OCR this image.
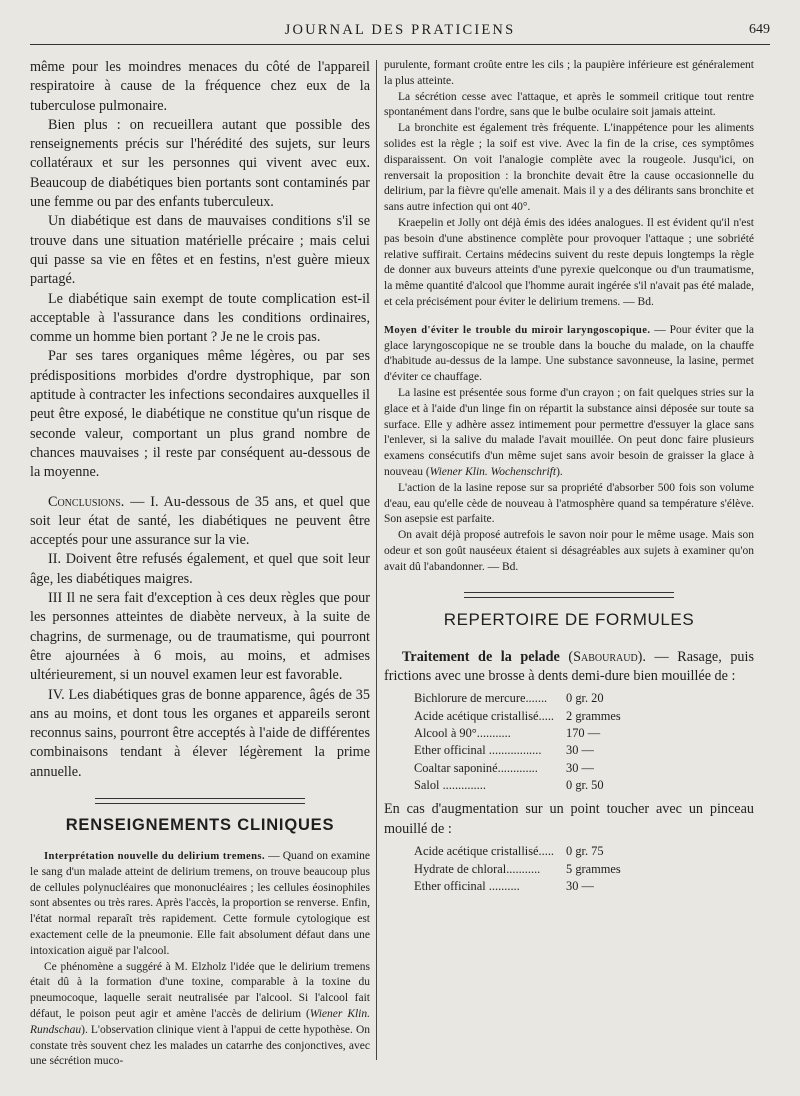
JOURNAL DES PRATICIENS	649

même pour les moindres menaces du côté de l'appareil respiratoire à cause de la fréquence chez eux de la tuberculose pulmonaire.

Bien plus : on recueillera autant que possible des renseignements précis sur l'hérédité des sujets, sur leurs collatéraux et sur les personnes qui vivent avec eux. Beaucoup de diabétiques bien portants sont contaminés par une femme ou par des enfants tuberculeux.

Un diabétique est dans de mauvaises conditions s'il se trouve dans une situation matérielle précaire ; mais celui qui passe sa vie en fêtes et en festins, n'est guère mieux partagé.

Le diabétique sain exempt de toute complication est-il acceptable à l'assurance dans les conditions ordinaires, comme un homme bien portant ? Je ne le crois pas.

Par ses tares organiques même légères, ou par ses prédispositions morbides d'ordre dystrophique, par son aptitude à contracter les infections secondaires auxquelles il peut être exposé, le diabétique ne constitue qu'un risque de seconde valeur, comportant un plus grand nombre de chances mauvaises ; il reste par conséquent au-dessous de la moyenne.

Conclusions. — I. Au-dessous de 35 ans, et quel que soit leur état de santé, les diabétiques ne peuvent être acceptés pour une assurance sur la vie.

II. Doivent être refusés également, et quel que soit leur âge, les diabétiques maigres.

III Il ne sera fait d'exception à ces deux règles que pour les personnes atteintes de diabète nerveux, à la suite de chagrins, de surmenage, ou de traumatisme, qui pourront être ajournées à 6 mois, au moins, et admises ultérieurement, si un nouvel examen leur est favorable.

IV. Les diabétiques gras de bonne apparence, âgés de 35 ans au moins, et dont tous les organes et appareils seront reconnus sains, pourront être acceptés à l'aide de différentes combinaisons tendant à élever légèrement la prime annuelle.

RENSEIGNEMENTS CLINIQUES

Interprétation nouvelle du delirium tremens. — Quand on examine le sang d'un malade atteint de delirium tremens, on trouve beaucoup plus de cellules polynucléaires que mononucléaires ; les cellules éosinophiles sont absentes ou très rares. Après l'accès, la proportion se renverse. Enfin, l'état normal reparaît très rapidement. Cette formule cytologique est exactement celle de la pneumonie. Elle fait absolument défaut dans une intoxication aiguë par l'alcool.

Ce phénomène a suggéré à M. Elzholz l'idée que le delirium tremens était dû à la formation d'une toxine, comparable à la toxine du pneumocoque, laquelle serait neutralisée par l'alcool. Si l'alcool fait défaut, le poison peut agir et amène l'accès de delirium (Wiener Klin. Rundschau). L'observation clinique vient à l'appui de cette hypothèse. On constate très souvent chez les malades un catarrhe des conjonctives, avec une sécrétion muco-

purulente, formant croûte entre les cils ; la paupière inférieure est généralement la plus atteinte.

La sécrétion cesse avec l'attaque, et après le sommeil critique tout rentre spontanément dans l'ordre, sans que le bulbe oculaire soit jamais atteint.

La bronchite est également très fréquente. L'inappétence pour les aliments solides est la règle ; la soif est vive. Avec la fin de la crise, ces symptômes disparaissent. On voit l'analogie complète avec la rougeole. Jusqu'ici, on renversait la proposition : la bronchite devait être la cause occasionnelle du delirium, par la fièvre qu'elle amenait. Mais il y a des délirants sans bronchite et sans autre infection qui ont 40°.

Kraepelin et Jolly ont déjà émis des idées analogues. Il est évident qu'il n'est pas besoin d'une abstinence complète pour provoquer l'attaque ; une sobriété relative suffirait. Certains médecins suivent du reste depuis longtemps la règle de donner aux buveurs atteints d'une pyrexie quelconque ou d'un traumatisme, la même quantité d'alcool que l'homme aurait ingérée s'il n'avait pas été malade, et cela précisément pour éviter le delirium tremens. — Bd.

Moyen d'éviter le trouble du miroir laryngoscopique. — Pour éviter que la glace laryngoscopique ne se trouble dans la bouche du malade, on la chauffe d'habitude au-dessus de la lampe. Une substance savonneuse, la lasine, permet d'éviter ce chauffage.

La lasine est présentée sous forme d'un crayon ; on fait quelques stries sur la glace et à l'aide d'un linge fin on répartit la substance ainsi déposée sur toute sa surface. Elle y adhère assez intimement pour permettre d'essuyer la glace sans l'enlever, si la salive du malade l'avait mouillée. On peut donc faire plusieurs examens consécutifs d'un même sujet sans avoir besoin de graisser la glace à nouveau (Wiener Klin. Wochenschrift).

L'action de la lasine repose sur sa propriété d'absorber 500 fois son volume d'eau, eau qu'elle cède de nouveau à l'atmosphère quand sa température s'élève. Son asepsie est parfaite.

On avait déjà proposé autrefois le savon noir pour le même usage. Mais son odeur et son goût nauséeux étaient si désagréables aux sujets à examiner qu'on avait dû l'abandonner. — Bd.

REPERTOIRE DE FORMULES

Traitement de la pelade (Sabouraud). — Rasage, puis frictions avec une brosse à dents demi-dure bien mouillée de :

Bichlorure de mercure.......	0 gr. 20
Acide acétique cristallisé.....	2 grammes
Alcool à 90°...........	170 —
Ether officinal .................	30 —
Coaltar saponiné.............	30 —
Salol ..............	0 gr. 50

En cas d'augmentation sur un point toucher avec un pinceau mouillé de :

Acide acétique cristallisé.....	0 gr. 75
Hydrate de chloral...........	5 grammes
Ether officinal ..........	30 —
